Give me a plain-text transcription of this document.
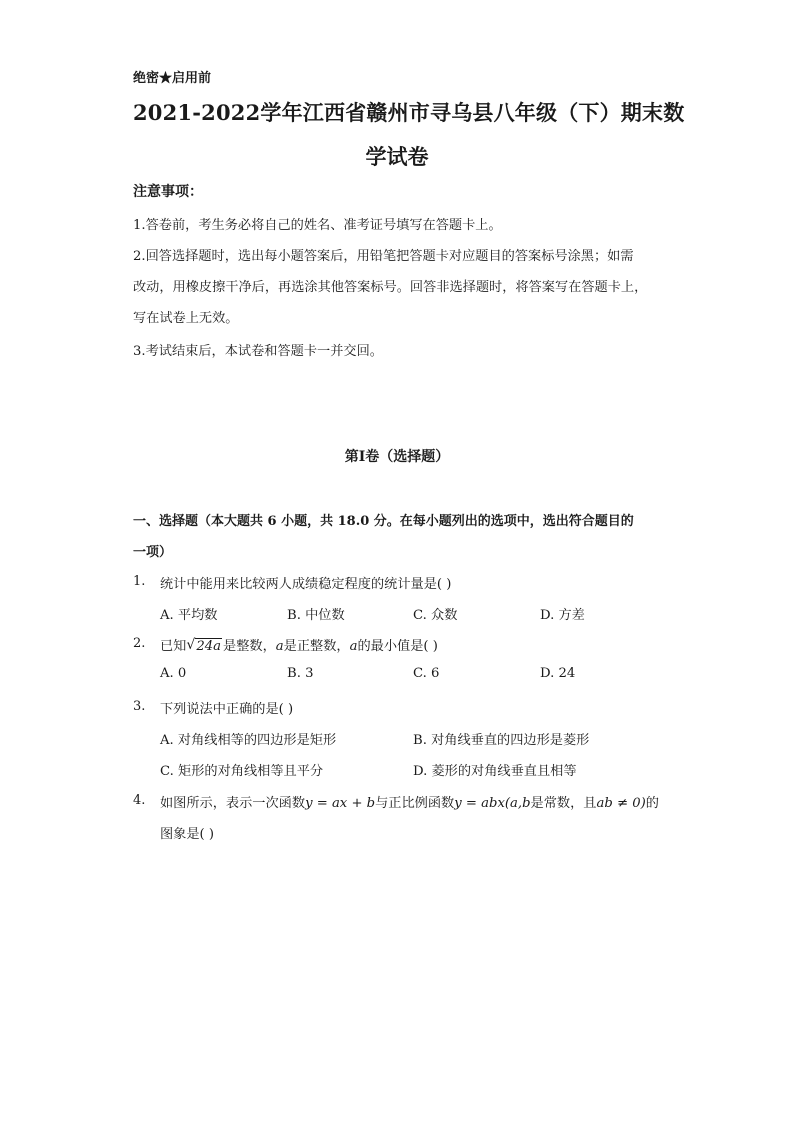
绝密★启用前
2021-2022学年江西省赣州市寻乌县八年级（下）期末数
学试卷
注意事项：
1.答卷前，考生务必将自己的姓名、准考证号填写在答题卡上。
2.回答选择题时，选出每小题答案后，用铅笔把答题卡对应题目的答案标号涂黑；如需
改动，用橡皮擦干净后，再选涂其他答案标号。回答非选择题时，将答案写在答题卡上，
写在试卷上无效。
3.考试结束后，本试卷和答题卡一并交回。
第I卷（选择题）
一、选择题（本大题共 6 小题，共 18.0 分。在每小题列出的选项中，选出符合题目的
一项）
1. 统计中能用来比较两人成绩稳定程度的统计量是( )
A. 平均数	B. 中位数	C. 众数	D. 方差
2. 已知 √ 24a 是整数，a是正整数，a的最小值是( )
A. 0	B. 3	C. 6	D. 24
3. 下列说法中正确的是( )
A. 对角线相等的四边形是矩形	B. 对角线垂直的四边形是菱形
C. 矩形的对角线相等且平分	D. 菱形的对角线垂直且相等
4. 如图所示，表示一次函数y = ax + b与正比例函数y = abx(a,b是常数，且ab ≠ 0)的
图象是( )
